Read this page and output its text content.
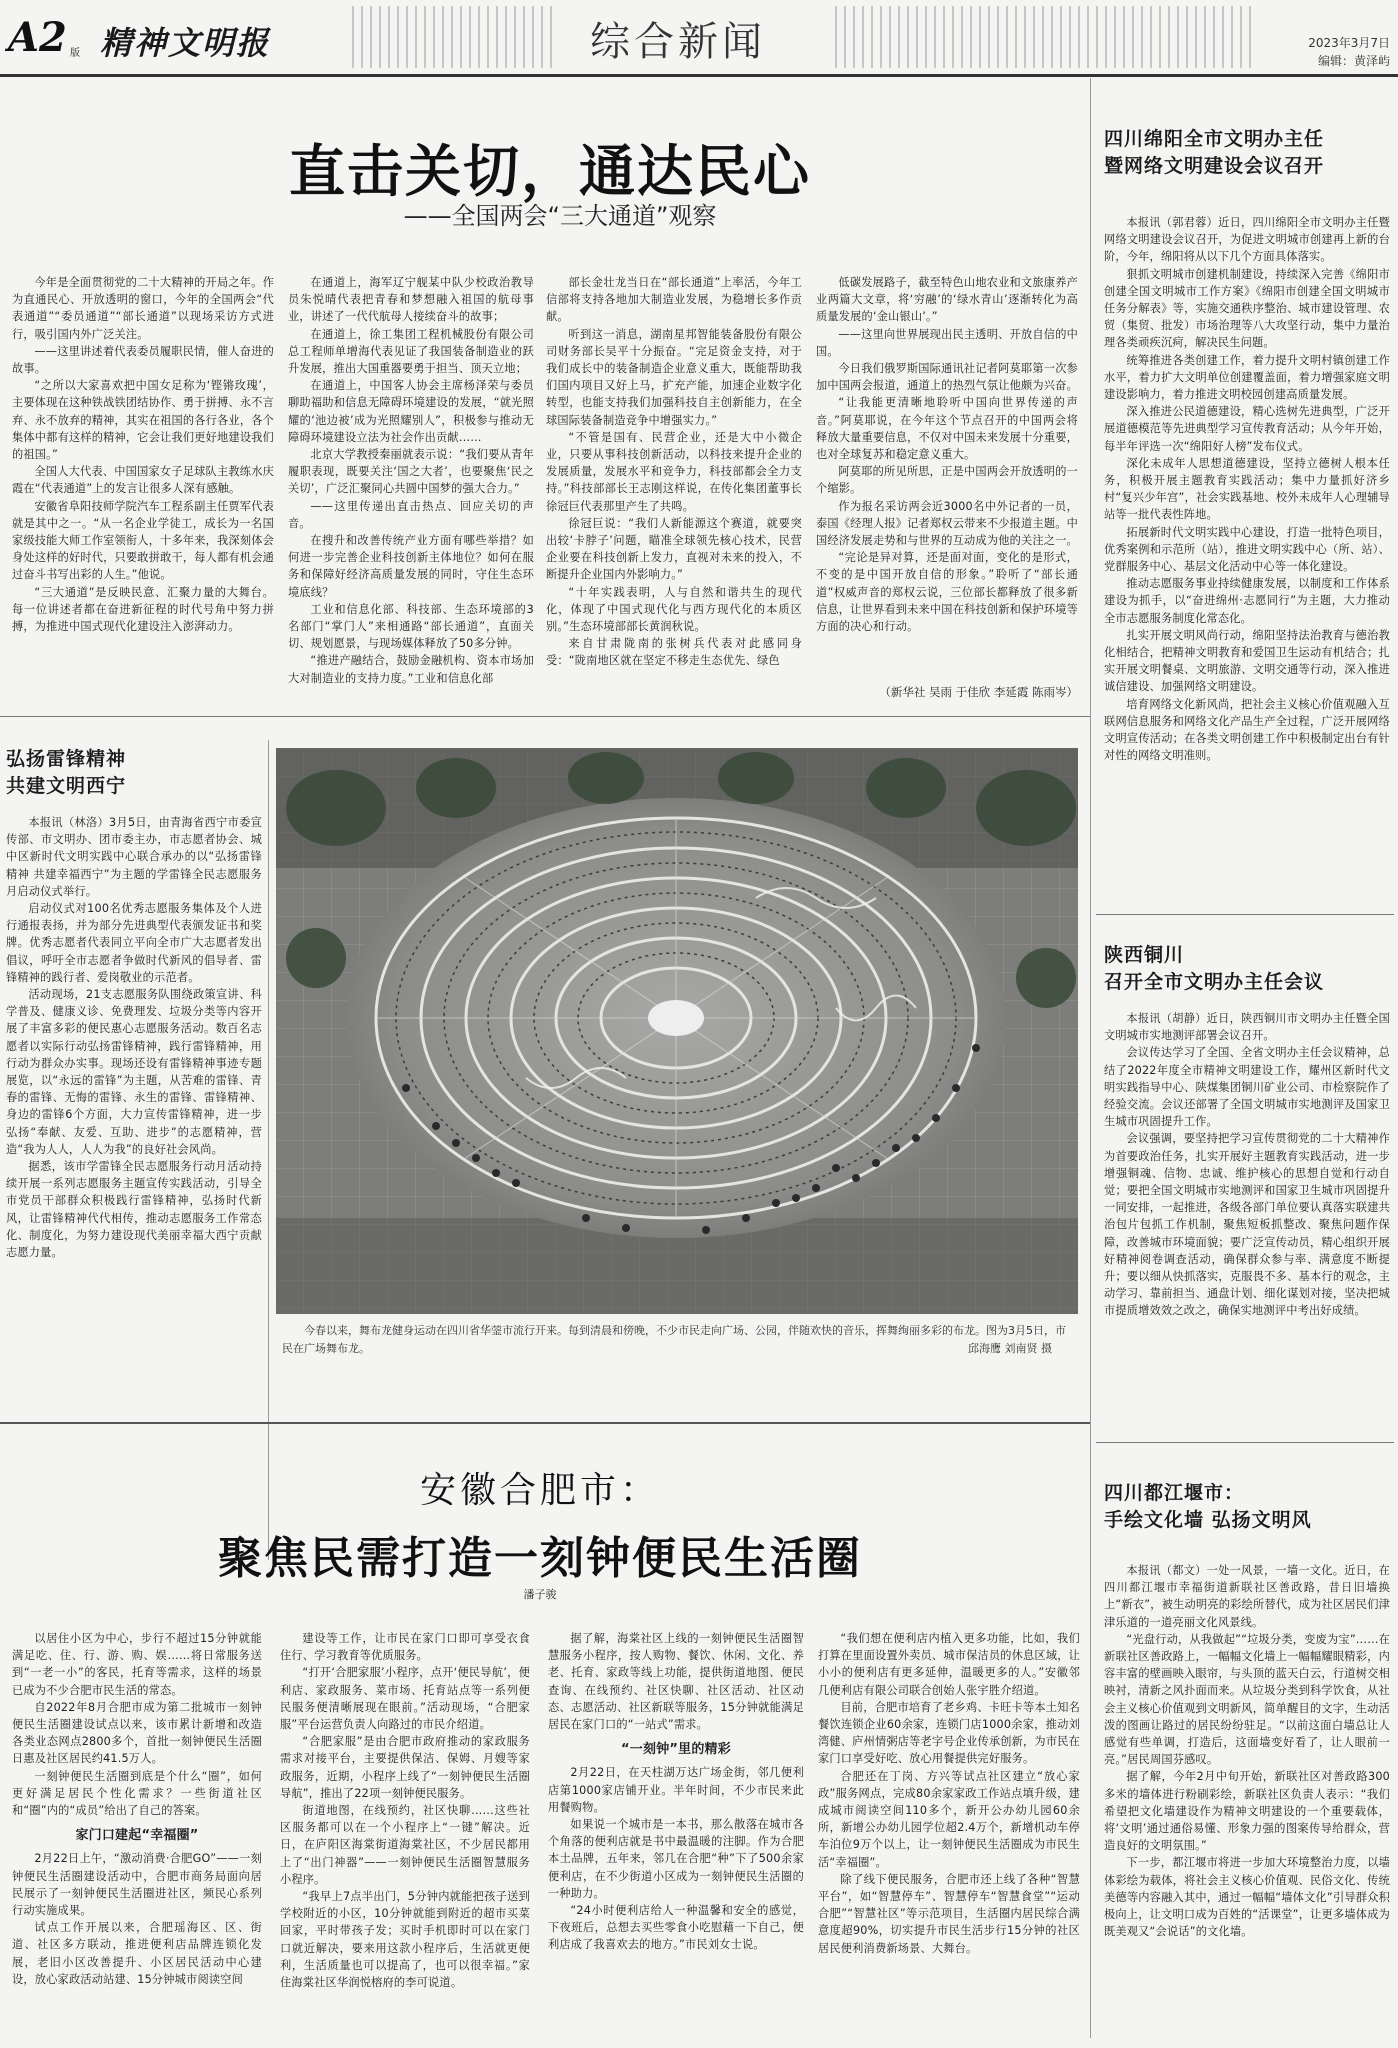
A2 版 精神文明报	综合新闻	2023年3月7日
编辑：黄泽屿
直击关切，通达民心
——全国两会“三大通道”观察

今年是全面贯彻党的二十大精神的开局之年。作为直通民心、开放透明的窗口，今年的全国两会“代表通道”“委员通道”“部长通道”以现场采访方式进行，吸引国内外广泛关注。

——这里讲述着代表委员履职民情，催人奋进的故事。

“之所以大家喜欢把中国女足称为‘铿锵玫瑰’，主要体现在这种铁战铁团结协作、勇于拼搏、永不言弃、永不放弃的精神，其实在祖国的各行各业，各个集体中都有这样的精神，它会让我们更好地建设我们的祖国。”

全国人大代表、中国国家女子足球队主教练水庆霞在“代表通道”上的发言让很多人深有感触。

安徽省阜阳技师学院汽车工程系副主任贾军代表就是其中之一。“从一名企业学徒工，成长为一名国家级技能大师工作室领衔人，十多年来，我深刻体会身处这样的好时代，只要敢拼敢干，每人都有机会通过奋斗书写出彩的人生。”他说。

“三大通道”是反映民意、汇聚力量的大舞台。每一位讲述者都在奋进新征程的时代号角中努力拼搏，为推进中国式现代化建设注入澎湃动力。

在通道上，海军辽宁舰某中队少校政治教导员朱悦晴代表把青春和梦想融入祖国的航母事业，讲述了一代代航母人接续奋斗的故事；

在通道上，徐工集团工程机械股份有限公司总工程师单增海代表见证了我国装备制造业的跃升发展，推出大国重器要勇于担当、顶天立地；

在通道上，中国客人协会主席杨泽荣与委员聊助福助和信息无障碍环境建设的发展，“就光照耀的‘池边被’成为光照耀别人”，积极参与推动无障碍环境建设立法为社会作出贡献……

北京大学教授秦丽就表示说：“我们要从青年履职表现，既要关注‘国之大者’，也要聚焦‘民之关切’，广泛汇聚同心共圆中国梦的强大合力。”

——这里传递出直击热点、回应关切的声音。

在搜升和改善传统产业方面有哪些举措？如何进一步完善企业科技创新主体地位？如何在服务和保障好经济高质量发展的同时，守住生态环境底线？

工业和信息化部、科技部、生态环境部的3名部门“掌门人”来相通路“部长通道”，直面关切、规划愿景，与现场媒体释放了50多分钟。

“推进产融结合，鼓励金融机构、资本市场加大对制造业的支持力度。”工业和信息化部

部长金壮龙当日在“部长通道”上率活，今年工信部将支持各地加大制造业发展，为稳增长多作贡献。

听到这一消息，湖南星邦智能装备股份有限公司财务部长吴平十分振奋。“完足资金支持，对于我们成长中的装备制造企业意义重大，既能帮助我们国内项目又好上马，扩充产能，加速企业数字化转型，也能支持我们加强科技自主创新能力，在全球国际装备制造竞争中增强实力。”

“不管是国有、民营企业，还是大中小微企业，只要从事科技创新活动，以科技来提升企业的发展质量，发展水平和竞争力，科技部都会全力支持。”科技部部长王志刚这样说，在传化集团董事长徐冠巨代表那里产生了共鸣。

徐冠巨说：“我们人新能源这个赛道，就要突出较‘卡脖子’问题，瞄准全球领先核心技术，民营企业要在科技创新上发力，直视对未来的投入，不断提升企业国内外影响力。”

“十年实践表明，人与自然和谐共生的现代化，体现了中国式现代化与西方现代化的本质区别。”生态环境部部长黄润秋说。

来自甘肃陇南的张树兵代表对此感同身受：“陇南地区就在坚定不移走生态优先、绿色

低碳发展路子，截至特色山地农业和文旅康养产业两篇大文章，将‘穷融’的‘绿水青山’逐渐转化为高质量发展的‘金山银山’。”

——这里向世界展现出民主透明、开放自信的中国。

今日我们俄罗斯国际通讯社记者阿莫耶第一次参加中国两会报道，通道上的热烈气氛让他颇为兴奋。

“让我能更清晰地聆听中国向世界传递的声音。”阿莫耶说，在今年这个节点召开的中国两会将释放大量重要信息，不仅对中国未来发展十分重要，也对全球复苏和稳定意义重大。

阿莫耶的所见所思，正是中国两会开放透明的一个缩影。

作为报名采访两会近3000名中外记者的一员，泰国《经理人报》记者郑权云带来不少报道主题。中国经济发展走势和与世界的互动成为他的关注之一。

“完论是异对算，还是面对面，变化的是形式，不变的是中国开放自信的形象。”聆听了“部长通道”权威声音的郑权云说，三位部长都释放了很多新信息，让世界看到未来中国在科技创新和保护环境等方面的决心和行动。

（新华社 吴雨 于佳欣 李延霞 陈雨岑）
弘扬雷锋精神
共建文明西宁

本报讯（林洛）3月5日，由青海省西宁市委宣传部、市文明办、团市委主办，市志愿者协会、城中区新时代文明实践中心联合承办的以“弘扬雷锋精神 共建幸福西宁”为主题的学雷锋全民志愿服务月启动仪式举行。

启动仪式对100名优秀志愿服务集体及个人进行通报表扬，并为部分先进典型代表颁发证书和奖牌。优秀志愿者代表同立平向全市广大志愿者发出倡议，呼吁全市志愿者争做时代新风的倡导者、雷锋精神的践行者、爱岗敬业的示范者。

活动现场，21支志愿服务队围绕政策宣讲、科学普及、健康义诊、免费理发、垃圾分类等内容开展了丰富多彩的便民惠心志愿服务活动。数百名志愿者以实际行动弘扬雷锋精神，践行雷锋精神，用行动为群众办实事。现场还设有雷锋精神事迹专题展览，以“永远的雷锋”为主题，从苦难的雷锋、青春的雷锋、无悔的雷锋、永生的雷锋、雷锋精神、身边的雷锋6个方面，大力宣传雷锋精神，进一步弘扬“奉献、友爱、互助、进步”的志愿精神，营造“我为人人，人人为我”的良好社会风尚。

据悉，该市学雷锋全民志愿服务行动月活动持续开展一系列志愿服务主题宣传实践活动，引导全市党员干部群众积极践行雷锋精神，弘扬时代新风，让雷锋精神代代相传，推动志愿服务工作常态化、制度化，为努力建设现代美丽幸福大西宁贡献志愿力量。

今春以来，舞布龙健身运动在四川省华蓥市流行开来。每到清晨和傍晚，不少市民走向广场、公园，伴随欢快的音乐，挥舞绚丽多彩的布龙。图为3月5日，市民在广场舞布龙。	邱海鹰 刘南贤 摄
四川绵阳全市文明办主任
暨网络文明建设会议召开

本报讯（郭君蓉）近日，四川绵阳全市文明办主任暨网络文明建设会议召开，为促进文明城市创建再上新的台阶，今年，绵阳将从以下几个方面具体落实。

狠抓文明城市创建机制建设，持续深入完善《绵阳市创建全国文明城市工作方案》《绵阳市创建全国文明城市任务分解表》等，实施交通秩序整治、城市建设管理、农贸（集贸、批发）市场治理等八大攻坚行动，集中力量治理各类顽疾沉疴，解决民生问题。

统筹推进各类创建工作，着力提升文明村镇创建工作水平，着力扩大文明单位创建覆盖面，着力增强家庭文明建设影响力，着力推进文明校园创建高质量发展。

深入推进公民道德建设，精心选树先进典型，广泛开展道德模范等先进典型学习宣传教育活动；从今年开始，每半年评选一次“绵阳好人榜”发布仪式。

深化未成年人思想道德建设，坚持立德树人根本任务，积极开展主题教育实践活动；集中力量抓好济乡村“复兴少年宫”，社会实践基地、校外未成年人心理辅导站等一批代表性阵地。

拓展新时代文明实践中心建设，打造一批特色项目，优秀案例和示范所（站），推进文明实践中心（所、站）、党群服务中心、基层文化活动中心等一体化建设。

推动志愿服务事业持续健康发展，以制度和工作体系建设为抓手，以“奋进绵州·志愿同行”为主题，大力推动全市志愿服务制度化常态化。

扎实开展文明风尚行动，绵阳坚持法治教育与德治教化相结合，把精神文明教育和爱国卫生运动有机结合；扎实开展文明餐桌、文明旅游、文明交通等行动，深入推进诚信建设、加强网络文明建设。

培育网络文化新风尚，把社会主义核心价值观融入互联网信息服务和网络文化产品生产全过程，广泛开展网络文明宣传活动；在各类文明创建工作中积极制定出台有针对性的网络文明准则。

陕西铜川
召开全市文明办主任会议

本报讯（胡静）近日，陕西铜川市文明办主任暨全国文明城市实地测评部署会议召开。

会议传达学习了全国、全省文明办主任会议精神，总结了2022年度全市精神文明建设工作，耀州区新时代文明实践指导中心、陕煤集团铜川矿业公司、市检察院作了经验交流。会议还部署了全国文明城市实地测评及国家卫生城市巩固提升工作。

会议强调，要坚持把学习宣传贯彻党的二十大精神作为首要政治任务，扎实开展好主题教育实践活动，进一步增强铜魂、信物、忠诚、维护核心的思想自觉和行动自觉；要把全国文明城市实地测评和国家卫生城市巩固提升一同安排，一起推进，各级各部门单位要认真落实联建共治包片包抓工作机制，聚焦短板抓整改、聚焦问题作保障，改善城市环境面貌；要广泛宣传动员，精心组织开展好精神阅卷调查活动，确保群众参与率、满意度不断提升；要以细从快抓落实，克服畏不多、基本行的观念，主动学习、靠前担当、通盘计划、细化谋划对接，坚决把城市提质增效效之改之，确保实地测评中考出好成绩。

四川都江堰市：
手绘文化墙 弘扬文明风

本报讯（都文）一处一风景，一墙一文化。近日，在四川都江堰市幸福街道新联社区善政路，昔日旧墙换上“新衣”，被生动明亮的彩绘所替代，成为社区居民们津津乐道的一道亮丽文化风景线。

“光盘行动，从我做起”“垃圾分类，变废为宝”……在新联社区善政路上，一幅幅文化墙上一幅幅耀眼精彩，内容丰富的壁画映入眼帘，与头顶的蓝天白云，行道树交相映衬，清新之风扑面而来。从垃圾分类到科学饮食，从社会主义核心价值观到文明新风，简单醒目的文字，生动活泼的图画让路过的居民纷纷驻足。“以前这面白墙总让人感觉有些单调，打造后，这面墙变好看了，让人眼前一亮。”居民周国芬感叹。

据了解，今年2月中旬开始，新联社区对善政路300多米的墙体进行粉刷彩绘，新联社区负责人表示：“我们希望把文化墙建设作为精神文明建设的一个重要载体，将‘文明’通过通俗易懂、形象力强的图案传导给群众，营造良好的文明氛围。”

下一步，都江堰市将进一步加大环境整治力度，以墙体彩绘为载体，将社会主义核心价值观、民俗文化、传统美德等内容融入其中，通过一幅幅“墙体文化”引导群众积极向上，让文明口成为百姓的“活课堂”，让更多墙体成为既美观又“会说话”的文化墙。

安徽合肥市：
聚焦民需打造一刻钟便民生活圈
潘子骏

以居住小区为中心，步行不超过15分钟就能满足吃、住、行、游、购、娱……将日常服务送到“一老一小”的客民，托育等需求，这样的场景已成为不少合肥市民生活的常态。

自2022年8月合肥市成为第二批城市一刻钟便民生活圈建设试点以来，该市累计新增和改造各类业态网点2800多个，首批一刻钟便民生活圈日惠及社区居民约41.5万人。

一刻钟便民生活圈到底是个什么“圈”，如何更好满足居民个性化需求？一些街道社区和“圈”内的“成员”给出了自己的答案。

家门口建起“幸福圈”

2月22日上午，“激动消费·合肥GO”——一刻钟便民生活圈建设活动中，合肥市商务局面向居民展示了一刻钟便民生活圈进社区，频民心系列行动实施成果。

试点工作开展以来，合肥瑶海区、区、街道、社区多方联动，推进便利店品牌连锁化发展，老旧小区改善提升、小区居民活动中心建设，放心家政活动站建、15分钟城市阅读空间

建设等工作，让市民在家门口即可享受衣食住行、学习教育等优质服务。

“打开‘合肥家服’小程序，点开‘便民导航’，便利店、家政服务、菜市场、托育站点等一系列便民服务便清晰展现在眼前。”活动现场，“合肥家服”平台运营负责人向路过的市民介绍道。

“合肥家服”是由合肥市政府推动的家政服务需求对接平台，主要提供保洁、保姆、月嫂等家政服务，近期，小程序上线了“一刻钟便民生活圈导航”，推出了22项一刻钟便民服务。

街道地图，在线预约，社区快聊……这些社区服务都可以在一个小程序上“一键”解决。近日，在庐阳区海棠街道海棠社区，不少居民都用上了“出门神器”——一刻钟便民生活圈智慧服务小程序。

“我早上7点半出门，5分钟内就能把孩子送到学校附近的小区，10分钟就能到附近的超市买菜回家，平时带孩子发；买时手机即时可以在家门口就近解决，要来用这款小程序后，生活就更便利，生活质量也可以提高了，也可以很幸福。”家住海棠社区华润悦榕府的李可说道。

据了解，海棠社区上线的一刻钟便民生活圈智慧服务小程序，按人购物、餐饮、休闲、文化、养老、托育、家政等线上功能，提供街道地图、便民查询、在线预约、社区快聊、社区活动、社区动态、志愿活动、社区新联等服务，15分钟就能满足居民在家门口的“一站式”需求。

“一刻钟”里的精彩

2月22日，在天柱湖万达广场金街，邻几便利店第1000家店铺开业。半年时间，不少市民来此用餐购物。

如果说一个城市是一本书，那么散落在城市各个角落的便利店就是书中最温暖的注脚。作为合肥本土品牌，五年来，邻几在合肥“种”下了500余家便利店，在不少街道小区成为一刻钟便民生活圈的一种助力。

“24小时便利店给人一种温馨和安全的感觉，下夜班后，总想去买些零食小吃慰藉一下自己，便利店成了我喜欢去的地方。”市民刘女士说。

“我们想在便利店内植入更多功能，比如，我们打算在里面设置外卖员、城市保洁员的休息区域，让小小的便利店有更多延伸，温暖更多的人。”安徽邻几便利店有限公司联合创始人张宇胜介绍道。

目前，合肥市培育了老乡鸡、卡旺卡等本土知名餐饮连锁企业60余家，连锁门店1000余家，推动刘湾健、庐州情粥店等老字号企业传承创新，为市民在家门口享受好吃、放心用餐提供完好服务。

合肥还在丁岗、方兴等试点社区建立“放心家政”服务网点，完成80余家家政工作站点填升级，建成城市阅读空间110多个，新开公办幼儿园60余所，新增公办幼儿园学位超2.4万个，新增机动车停车泊位9万个以上，让一刻钟便民生活圈成为市民生活“幸福圈”。

除了线下便民服务，合肥市还上线了各种“智慧平台”，如“智慧停车”、智慧停车“智慧食堂”“运动合肥”“智慧社区”等示范项目，生活圈内居民综合满意度超90%，切实提升市民生活步行15分钟的社区居民便利消费新场景、大舞台。
